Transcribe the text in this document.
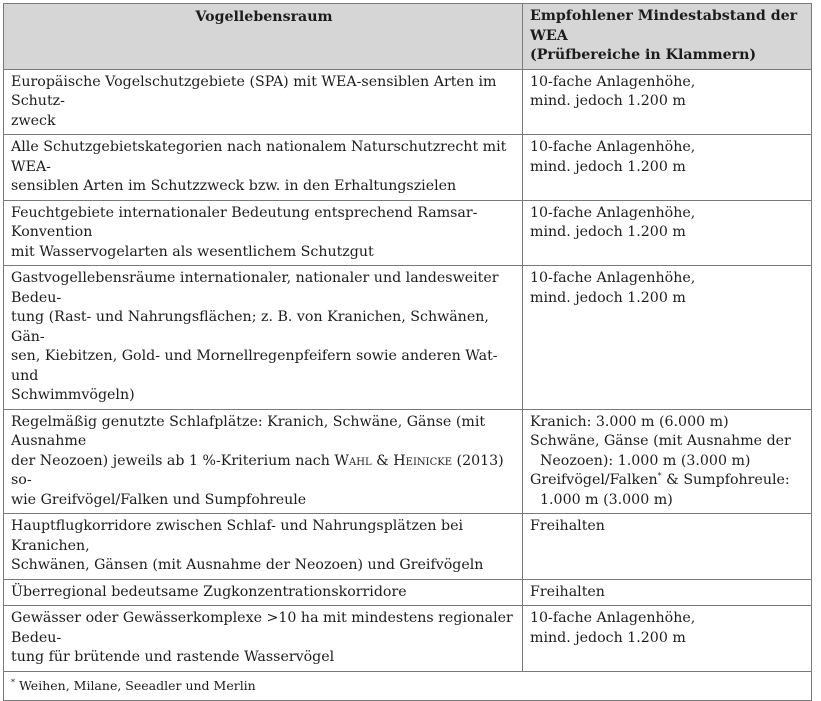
Vogellebensraum	Empfohlener Mindestabstand der WEA
(Prüfbereiche in Klammern)
Europäische Vogelschutzgebiete (SPA) mit WEA-sensiblen Arten im Schutz-
zweck	10-fache Anlagenhöhe,
mind. jedoch 1.200 m
Alle Schutzgebietskategorien nach nationalem Naturschutzrecht mit WEA-
sensiblen Arten im Schutzzweck bzw. in den Erhaltungszielen	10-fache Anlagenhöhe,
mind. jedoch 1.200 m
Feuchtgebiete internationaler Bedeutung entsprechend Ramsar-Konvention
mit Wasservogelarten als wesentlichem Schutzgut	10-fache Anlagenhöhe,
mind. jedoch 1.200 m
Gastvogellebensräume internationaler, nationaler und landesweiter Bedeu-
tung (Rast- und Nahrungsflächen; z. B. von Kranichen, Schwänen, Gän-
sen, Kiebitzen, Gold- und Mornellregenpfeifern sowie anderen Wat- und
Schwimmvögeln)	10-fache Anlagenhöhe,
mind. jedoch 1.200 m
Regelmäßig genutzte Schlafplätze: Kranich, Schwäne, Gänse (mit Ausnahme
der Neozoen) jeweils ab 1 %-Kriterium nach Wahl & Heinicke (2013) so-
wie Greifvögel/Falken und Sumpfohreule	Kranich: 3.000 m (6.000 m)
Schwäne, Gänse (mit Ausnahme der

Neozoen): 1.000 m (3.000 m)
Greifvögel/Falken* & Sumpfohreule:
1.000 m (3.000 m)

Hauptflugkorridore zwischen Schlaf- und Nahrungsplätzen bei Kranichen,
Schwänen, Gänsen (mit Ausnahme der Neozoen) und Greifvögeln	Freihalten
Überregional bedeutsame Zugkonzentrationskorridore	Freihalten
Gewässer oder Gewässerkomplexe >10 ha mit mindestens regionaler Bedeu-
tung für brütende und rastende Wasservögel	10-fache Anlagenhöhe,
mind. jedoch 1.200 m
* Weihen, Milane, Seeadler und Merlin	
